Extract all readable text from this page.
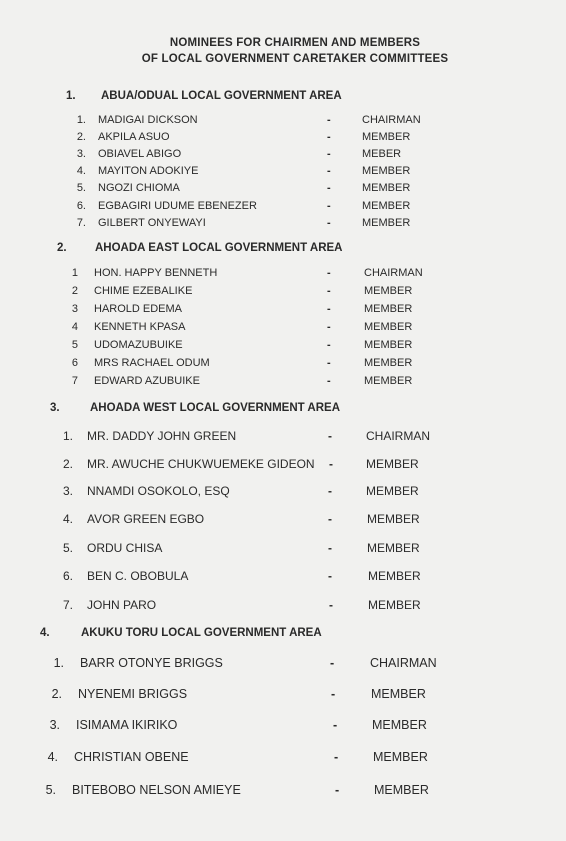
NOMINEES FOR CHAIRMEN AND MEMBERS
OF LOCAL GOVERNMENT CARETAKER COMMITTEES
1. ABUA/ODUAL LOCAL GOVERNMENT AREA
1. MADIGAI DICKSON	-	CHAIRMAN
2. AKPILA ASUO	-	MEMBER
3. OBIAVEL ABIGO	-	MEBER
4. MAYITON ADOKIYE	-	MEMBER
5. NGOZI CHIOMA	-	MEMBER
6. EGBAGIRI UDUME EBENEZER	-	MEMBER
7. GILBERT ONYEWAYI	-	MEMBER
2. AHOADA EAST LOCAL GOVERNMENT AREA
1 HON. HAPPY BENNETH	-	CHAIRMAN
2 CHIME EZEBALIKE	-	MEMBER
3 HAROLD EDEMA	-	MEMBER
4 KENNETH KPASA	-	MEMBER
5 UDOMAZUBUIKE	-	MEMBER
6 MRS RACHAEL ODUM	-	MEMBER
7 EDWARD AZUBUIKE	-	MEMBER
3.	AHOADA WEST LOCAL GOVERNMENT AREA
1. MR. DADDY JOHN GREEN	-	CHAIRMAN
2. MR. AWUCHE CHUKWUEMEKE GIDEON -	MEMBER
3. NNAMDI OSOKOLO, ESQ	-	MEMBER
4. AVOR GREEN EGBO	-	MEMBER
5. ORDU CHISA	-	MEMBER
6. BEN C. OBOBULA	-	MEMBER
7. JOHN PARO	-	MEMBER
4.	AKUKU TORU LOCAL GOVERNMENT AREA
1. BARR OTONYE BRIGGS	-	CHAIRMAN
2. NYENEMI BRIGGS	-	MEMBER
3. ISIMAMA IKIRIKO	-	MEMBER
4. CHRISTIAN OBENE	-	MEMBER
5. BITEBOBO NELSON AMIEYE	-	MEMBER
